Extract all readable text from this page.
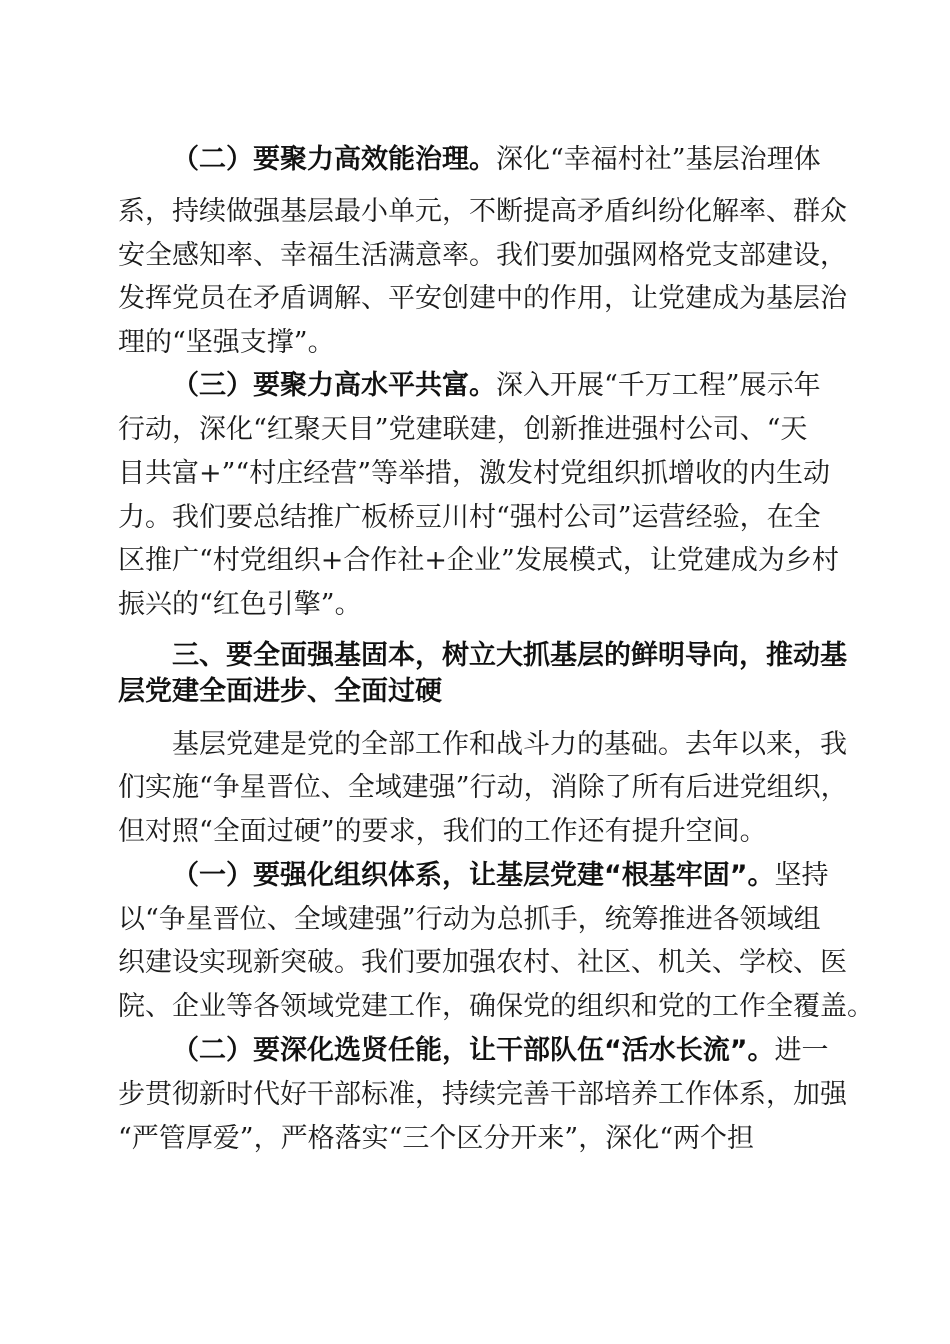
（二）要聚力高效能治理。深化“幸福村社”基层治理体
系，持续做强基层最小单元，不断提高矛盾纠纷化解率、群众
安全感知率、幸福生活满意率。我们要加强网格党支部建设，
发挥党员在矛盾调解、平安创建中的作用，让党建成为基层治
理的“坚强支撑”。
（三）要聚力高水平共富。深入开展“千万工程”展示年
行动，深化“红聚天目”党建联建，创新推进强村公司、“天
目共富+”“村庄经营”等举措，激发村党组织抓增收的内生动
力。我们要总结推广板桥豆川村“强村公司”运营经验，在全
区推广“村党组织+合作社+企业”发展模式，让党建成为乡村
振兴的“红色引擎”。
三、要全面强基固本，树立大抓基层的鲜明导向，推动基
层党建全面进步、全面过硬
基层党建是党的全部工作和战斗力的基础。去年以来，我
们实施“争星晋位、全域建强”行动，消除了所有后进党组织，
但对照“全面过硬”的要求，我们的工作还有提升空间。
（一）要强化组织体系，让基层党建“根基牢固”。坚持
以“争星晋位、全域建强”行动为总抓手，统筹推进各领域组
织建设实现新突破。我们要加强农村、社区、机关、学校、医
院、企业等各领域党建工作，确保党的组织和党的工作全覆盖。
（二）要深化选贤任能，让干部队伍“活水长流”。进一
步贯彻新时代好干部标准，持续完善干部培养工作体系，加强
“严管厚爱”，严格落实“三个区分开来”，深化“两个担
